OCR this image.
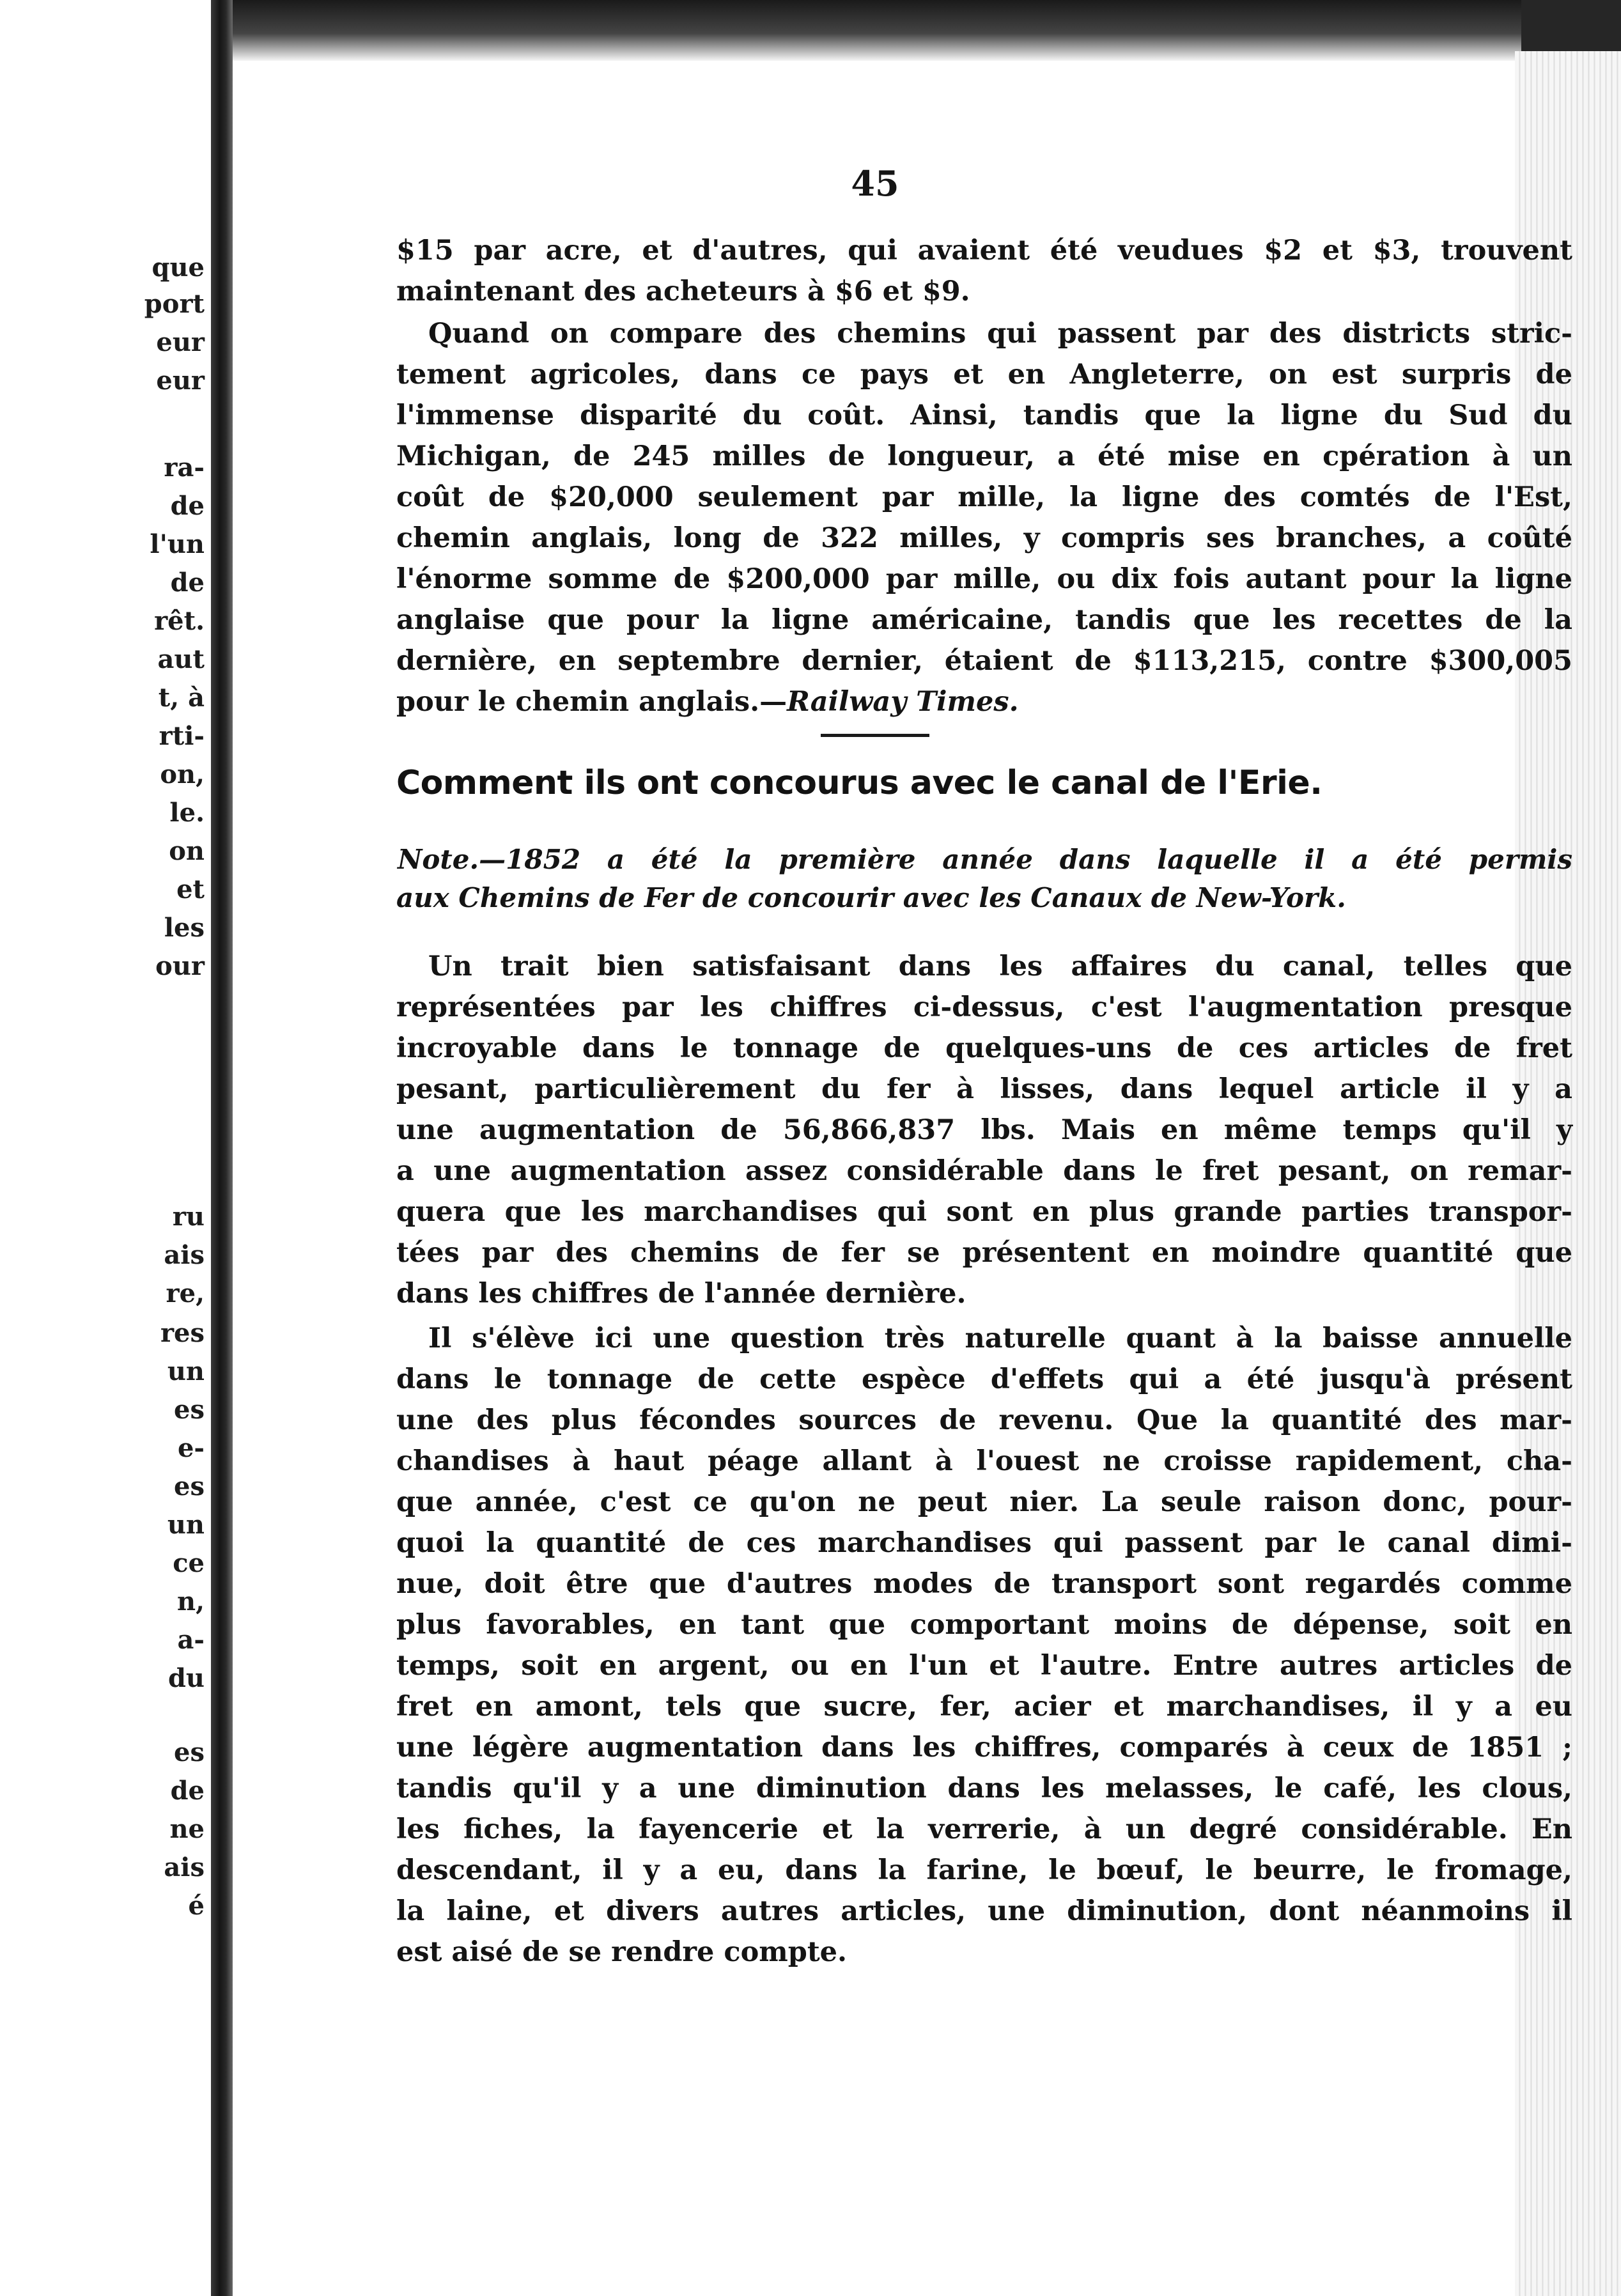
que
port
eur
eur
ra-
de
l'un
de
rêt.
aut
t, à
rti-
on,
le.
on
et
les
our
ru
ais
re,
res
un
es
e-
es
un
ce
n,
a-
du
es
de
ne
ais
é
45
$15 par acre, et d'autres, qui avaient été veudues $2 et $3, trouvent
maintenant des acheteurs à $6 et $9.
Quand on compare des chemins qui passent par des districts stric-
tement agricoles, dans ce pays et en Angleterre, on est surpris de
l'immense disparité du coût. Ainsi, tandis que la ligne du Sud du
Michigan, de 245 milles de longueur, a été mise en cpération à un
coût de $20,000 seulement par mille, la ligne des comtés de l'Est,
chemin anglais, long de 322 milles, y compris ses branches, a coûté
l'énorme somme de $200,000 par mille, ou dix fois autant pour la ligne
anglaise que pour la ligne américaine, tandis que les recettes de la
dernière, en septembre dernier, étaient de $113,215, contre $300,005
pour le chemin anglais.—Railway Times.
Comment ils ont concourus avec le canal de l'Erie.
Note.—1852 a été la première année dans laquelle il a été permis
aux Chemins de Fer de concourir avec les Canaux de New-York.
Un trait bien satisfaisant dans les affaires du canal, telles que
représentées par les chiffres ci-dessus, c'est l'augmentation presque
incroyable dans le tonnage de quelques-uns de ces articles de fret
pesant, particulièrement du fer à lisses, dans lequel article il y a
une augmentation de 56,866,837 lbs. Mais en même temps qu'il y
a une augmentation assez considérable dans le fret pesant, on remar-
quera que les marchandises qui sont en plus grande parties transpor-
tées par des chemins de fer se présentent en moindre quantité que
dans les chiffres de l'année dernière.
Il s'élève ici une question très naturelle quant à la baisse annuelle
dans le tonnage de cette espèce d'effets qui a été jusqu'à présent
une des plus fécondes sources de revenu. Que la quantité des mar-
chandises à haut péage allant à l'ouest ne croisse rapidement, cha-
que année, c'est ce qu'on ne peut nier. La seule raison donc, pour-
quoi la quantité de ces marchandises qui passent par le canal dimi-
nue, doit être que d'autres modes de transport sont regardés comme
plus favorables, en tant que comportant moins de dépense, soit en
temps, soit en argent, ou en l'un et l'autre. Entre autres articles de
fret en amont, tels que sucre, fer, acier et marchandises, il y a eu
une légère augmentation dans les chiffres, comparés à ceux de 1851 ;
tandis qu'il y a une diminution dans les melasses, le café, les clous,
les fiches, la fayencerie et la verrerie, à un degré considérable. En
descendant, il y a eu, dans la farine, le bœuf, le beurre, le fromage,
la laine, et divers autres articles, une diminution, dont néanmoins il
est aisé de se rendre compte.
